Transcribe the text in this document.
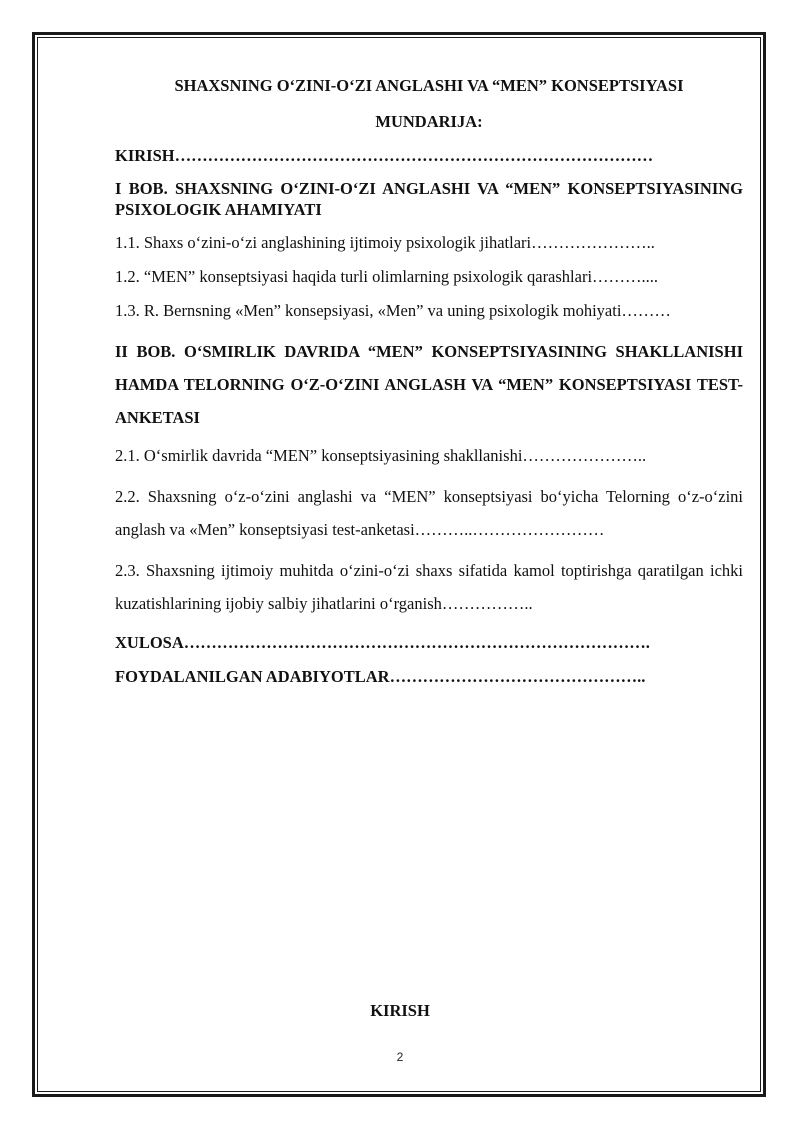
SHAXSNING O‘ZINI-O‘ZI ANGLASHI VA “MEN” KONSEPTSIYASI
MUNDARIJA:
KIRISH……………………………………………………………………………
I BOB. SHAXSNING O‘ZINI-O‘ZI ANGLASHI VA “MEN” KONSEPTSIYASINING PSIXOLOGIK AHAMIYATI
1.1. Shaxs o‘zini-o‘zi anglashining ijtimoiy psixologik jihatlari…………………..
1.2. “MEN” konseptsiyasi haqida turli olimlarning psixologik qarashlari………....
1.3. R. Bernsning «Men” konsepsiyasi, «Men” va uning psixologik mohiyati………
II BOB. O‘SMIRLIK DAVRIDA “MEN” KONSEPTSIYASINING SHAKLLANISHI HAMDA TELORNING O‘Z-O‘ZINI ANGLASH VA “MEN” KONSEPTSIYASI TEST-ANKETASI
2.1. O‘smirlik davrida “MEN” konseptsiyasining shakllanishi…………………..
2.2. Shaxsning o‘z-o‘zini anglashi va “MEN” konseptsiyasi bo‘yicha Telorning o‘z-o‘zini anglash va «Men” konseptsiyasi test-anketasi………..……………………
2.3. Shaxsning ijtimoiy muhitda o‘zini-o‘zi shaxs sifatida kamol toptirishga qaratilgan ichki kuzatishlarining ijobiy salbiy jihatlarini o‘rganish……………..
XULOSA………………………………………………………………………….
FOYDALANILGAN ADABIYOTLAR………………………………………..
KIRISH
2
